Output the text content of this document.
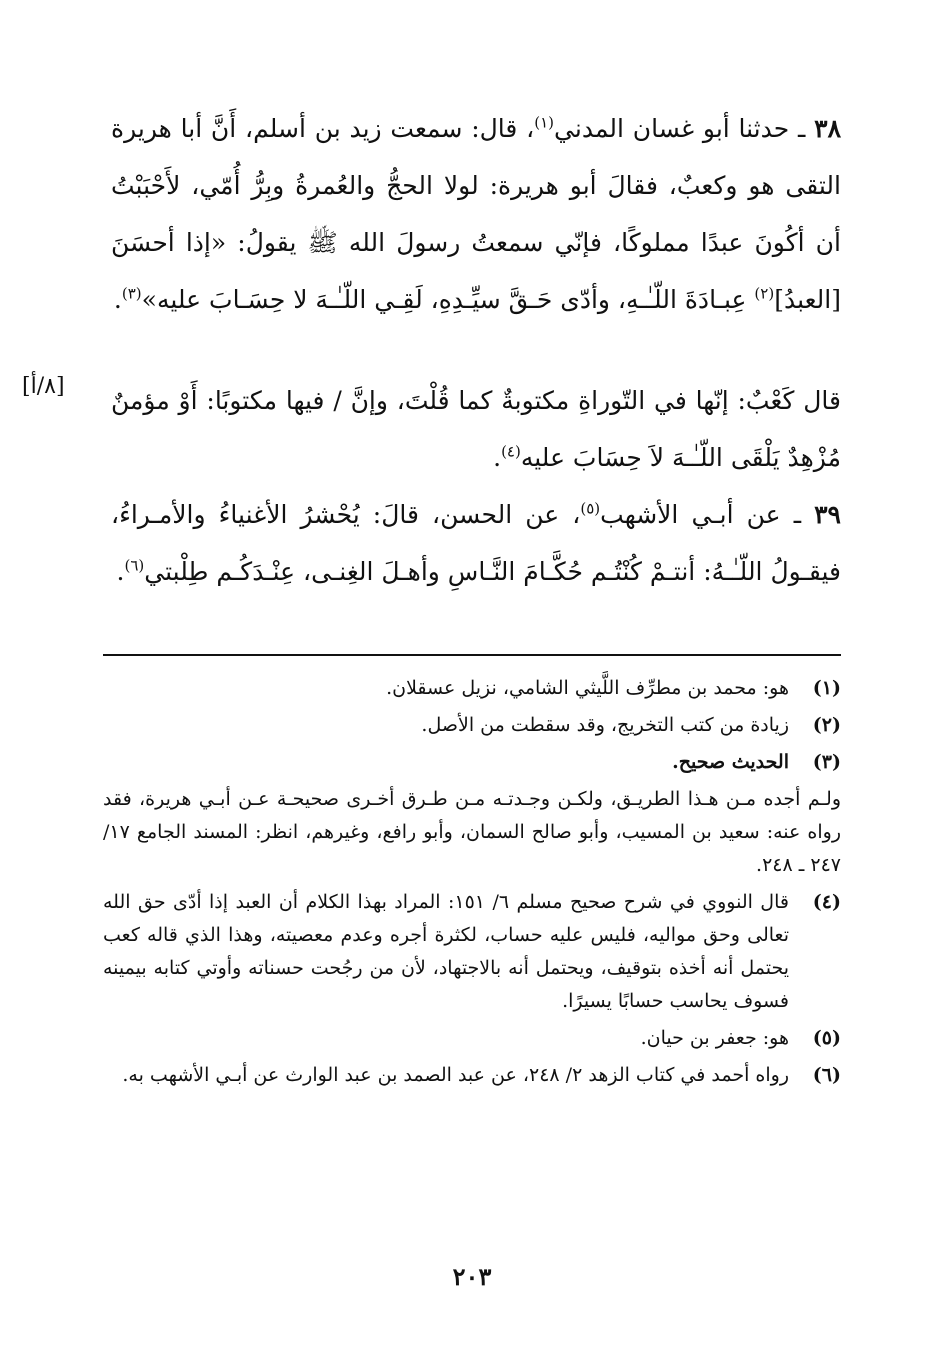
٣٨ ـ حدثنا أبو غسان المدني$^{(١)}$، قال: سمعت زيد بن أسلم، أَنَّ أبا هريرة التقى هو وكعبٌ، فقالَ أبو هريرة: لولا الحجُّ والعُمرةُ وبِرُّ أُمّي، لأَحْبَبْتُ أن أكُونَ عبدًا مملوكًا، فإنّي سمعتُ رسولَ الله ﷺ يقولُ: «إذا أحسَنَ [العبدُ]$^{(٢)}$ عِبـادَةَ اللّـٰـهِ، وأدّى حَـقَّ سيِّـدِهِ، لَقِـي اللّـٰـهَ لا حِسَـابَ عليه»$^{(٣)}$.

[٨/أ] قال كَعْبٌ: إنّها في التّوراةِ مكتوبةٌ كما قُلْتَ، وإنَّ / فيها مكتوبًا: أَوْ مؤمنٌ مُزْهِدٌ يَلْقَى اللّـٰـهَ لاَ حِسَابَ عليه$^{(٤)}$.

٣٩ ـ عن أبـي الأشهب$^{(٥)}$، عن الحسن، قالَ: يُحْشرُ الأغنياءُ والأمـراءُ، فيقـولُ اللّـٰـهُ: أنتـمْ كُنْتُـم حُكَّـامَ النَّـاسِ وأهـلَ الغِنـى، عِنْـدَكُـم طِلْبتي$^{(٦)}$.

(١)
هو: محمد بن مطرِّف اللَّيثي الشامي، نزيل عسقلان.
(٢)
زيادة من كتب التخريج، وقد سقطت من الأصل.
(٣)
الحديث صحيح.
ولـم أجده مـن هـذا الطريـق، ولكـن وجـدتـه مـن طـرق أخـرى صحيحـة عـن أبـي هريرة، فقد رواه عنه: سعيد بن المسيب، وأبو صالح السمان، وأبو رافع، وغيرهم، انظر: المسند الجامع ١٧/ ٢٤٧ ـ ٢٤٨.
(٤)
قال النووي في شرح صحيح مسلم ٦/ ١٥١: المراد بهذا الكلام أن العبد إذا أدّى حق الله تعالى وحق مواليه، فليس عليه حساب، لكثرة أجره وعدم معصيته، وهذا الذي قاله كعب يحتمل أنه أخذه بتوقيف، ويحتمل أنه بالاجتهاد، لأن من رجُحت حسناته وأوتي كتابه بيمينه فسوف يحاسب حسابًا يسيرًا.
(٥)
هو: جعفر بن حيان.
(٦)
رواه أحمد في كتاب الزهد ٢/ ٢٤٨، عن عبد الصمد بن عبد الوارث عن أبـي الأشهب به.
٢٠٣
